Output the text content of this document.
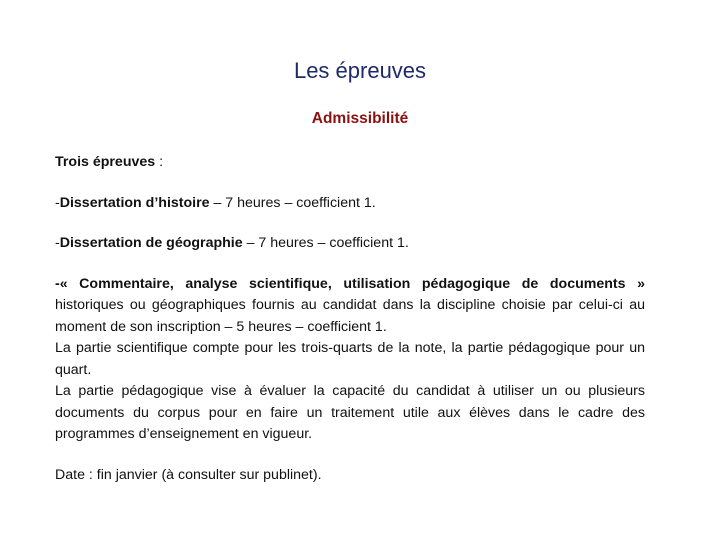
Les épreuves
Admissibilité

Trois épreuves :

-Dissertation d’histoire – 7 heures – coefficient 1.

-Dissertation de géographie – 7 heures – coefficient 1.

-« Commentaire, analyse scientifique, utilisation pédagogique de documents » historiques ou géographiques fournis au candidat dans la discipline choisie par celui-ci au moment de son inscription – 5 heures – coefficient 1.

La partie scientifique compte pour les trois-quarts de la note, la partie pédagogique pour un quart.

La partie pédagogique vise à évaluer la capacité du candidat à utiliser un ou plusieurs documents du corpus pour en faire un traitement utile aux élèves dans le cadre des programmes d’enseignement en vigueur.

Date : fin janvier (à consulter sur publinet).
